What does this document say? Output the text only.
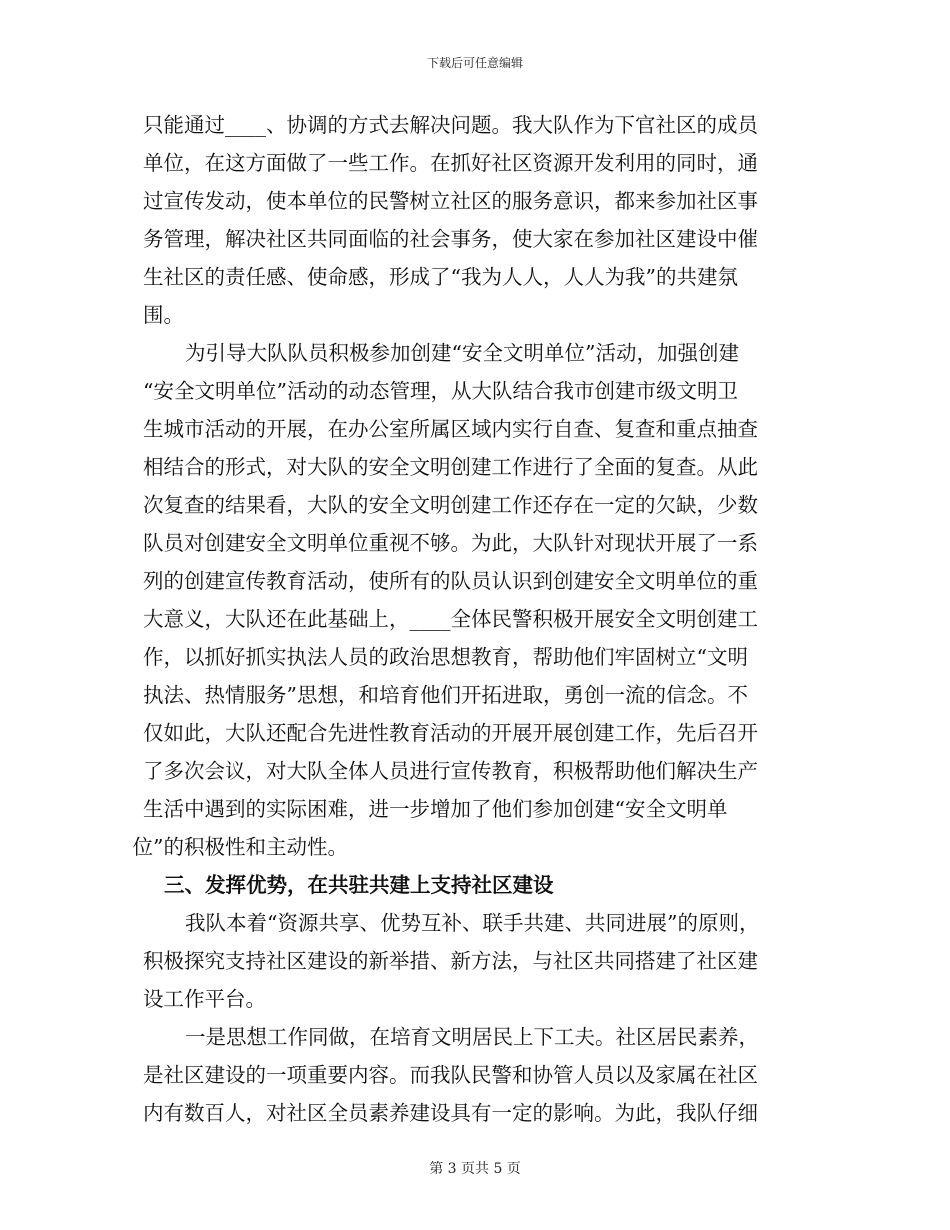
下载后可任意编辑
只能通过____、协调的方式去解决问题。我大队作为下官社区的成员
单位，在这方面做了一些工作。在抓好社区资源开发利用的同时，通
过宣传发动，使本单位的民警树立社区的服务意识，都来参加社区事
务管理，解决社区共同面临的社会事务，使大家在参加社区建设中催
生社区的责任感、使命感，形成了“我为人人，人人为我”的共建氛
围。
为引导大队队员积极参加创建“安全文明单位”活动，加强创建
“安全文明单位”活动的动态管理，从大队结合我市创建市级文明卫
生城市活动的开展，在办公室所属区域内实行自查、复查和重点抽查
相结合的形式，对大队的安全文明创建工作进行了全面的复查。从此
次复查的结果看，大队的安全文明创建工作还存在一定的欠缺，少数
队员对创建安全文明单位重视不够。为此，大队针对现状开展了一系
列的创建宣传教育活动，使所有的队员认识到创建安全文明单位的重
大意义，大队还在此基础上，____全体民警积极开展安全文明创建工
作，以抓好抓实执法人员的政治思想教育，帮助他们牢固树立“文明
执法、热情服务”思想，和培育他们开拓进取，勇创一流的信念。不
仅如此，大队还配合先进性教育活动的开展开展创建工作，先后召开
了多次会议，对大队全体人员进行宣传教育，积极帮助他们解决生产
生活中遇到的实际困难，进一步增加了他们参加创建“安全文明单
位”的积极性和主动性。
三、发挥优势，在共驻共建上支持社区建设
我队本着“资源共享、优势互补、联手共建、共同进展”的原则，
积极探究支持社区建设的新举措、新方法，与社区共同搭建了社区建
设工作平台。
一是思想工作同做，在培育文明居民上下工夫。社区居民素养，
是社区建设的一项重要内容。而我队民警和协管人员以及家属在社区
内有数百人，对社区全员素养建设具有一定的影响。为此，我队仔细
第 3 页共 5 页
